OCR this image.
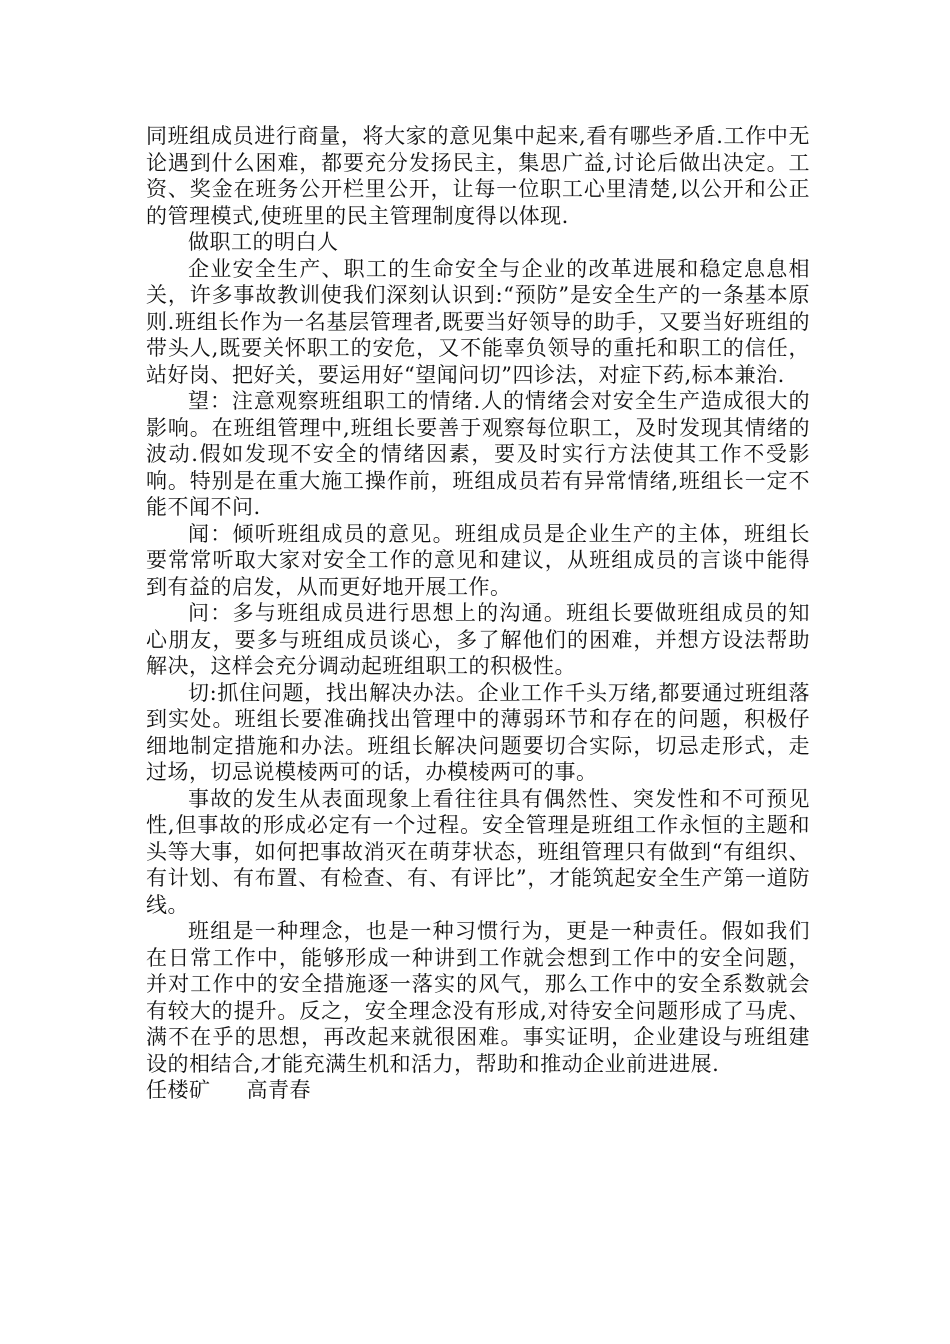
同班组成员进行商量，将大家的意见集中起来,看有哪些矛盾.工作中无论遇到什么困难，都要充分发扬民主，集思广益,讨论后做出决定。工资、奖金在班务公开栏里公开，让每一位职工心里清楚,以公开和公正的管理模式,使班里的民主管理制度得以体现.

做职工的明白人

企业安全生产、职工的生命安全与企业的改革进展和稳定息息相关，许多事故教训使我们深刻认识到:“预防”是安全生产的一条基本原则.班组长作为一名基层管理者,既要当好领导的助手，又要当好班组的带头人,既要关怀职工的安危，又不能辜负领导的重托和职工的信任，站好岗、把好关，要运用好“望闻问切”四诊法，对症下药,标本兼治.

望：注意观察班组职工的情绪.人的情绪会对安全生产造成很大的影响。在班组管理中,班组长要善于观察每位职工，及时发现其情绪的波动.假如发现不安全的情绪因素，要及时实行方法使其工作不受影响。特别是在重大施工操作前，班组成员若有异常情绪,班组长一定不能不闻不问.

闻：倾听班组成员的意见。班组成员是企业生产的主体，班组长要常常听取大家对安全工作的意见和建议，从班组成员的言谈中能得到有益的启发，从而更好地开展工作。

问：多与班组成员进行思想上的沟通。班组长要做班组成员的知心朋友，要多与班组成员谈心，多了解他们的困难，并想方设法帮助解决，这样会充分调动起班组职工的积极性。

切:抓住问题，找出解决办法。企业工作千头万绪,都要通过班组落到实处。班组长要准确找出管理中的薄弱环节和存在的问题，积极仔细地制定措施和办法。班组长解决问题要切合实际，切忌走形式，走过场，切忌说模棱两可的话，办模棱两可的事。

事故的发生从表面现象上看往往具有偶然性、突发性和不可预见性,但事故的形成必定有一个过程。安全管理是班组工作永恒的主题和头等大事，如何把事故消灭在萌芽状态，班组管理只有做到“有组织、有计划、有布置、有检查、有、有评比”，才能筑起安全生产第一道防线。

班组是一种理念，也是一种习惯行为，更是一种责任。假如我们在日常工作中，能够形成一种讲到工作就会想到工作中的安全问题，并对工作中的安全措施逐一落实的风气，那么工作中的安全系数就会有较大的提升。反之，安全理念没有形成,对待安全问题形成了马虎、满不在乎的思想，再改起来就很困难。事实证明，企业建设与班组建设的相结合,才能充满生机和活力，帮助和推动企业前进进展.

任楼矿 高青春
